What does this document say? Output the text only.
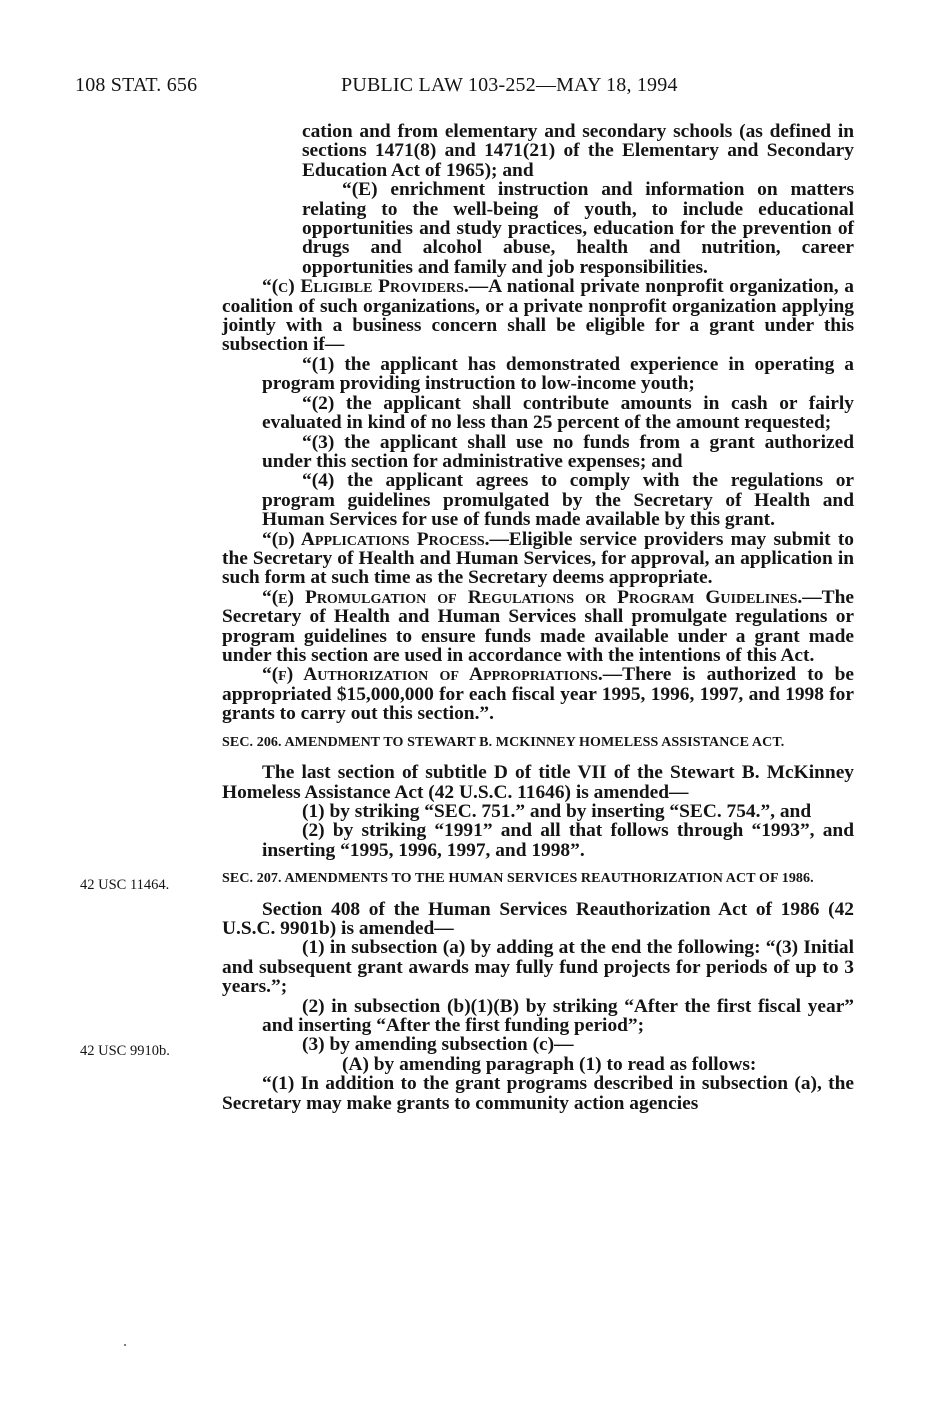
108 STAT. 656	PUBLIC LAW 103-252—MAY 18, 1994
42 USC 11464.
42 USC 9910b.

cation and from elementary and secondary schools (as defined in sections 1471(8) and 1471(21) of the Elementary and Secondary Education Act of 1965); and

“(E) enrichment instruction and information on matters relating to the well-being of youth, to include educational opportunities and study practices, education for the prevention of drugs and alcohol abuse, health and nutrition, career opportunities and family and job responsibilities.

“(c) Eligible Providers.—A national private nonprofit organization, a coalition of such organizations, or a private nonprofit organization applying jointly with a business concern shall be eligible for a grant under this subsection if—

“(1) the applicant has demonstrated experience in operating a program providing instruction to low-income youth;

“(2) the applicant shall contribute amounts in cash or fairly evaluated in kind of no less than 25 percent of the amount requested;

“(3) the applicant shall use no funds from a grant authorized under this section for administrative expenses; and

“(4) the applicant agrees to comply with the regulations or program guidelines promulgated by the Secretary of Health and Human Services for use of funds made available by this grant.

“(d) Applications Process.—Eligible service providers may submit to the Secretary of Health and Human Services, for approval, an application in such form at such time as the Secretary deems appropriate.

“(e) Promulgation of Regulations or Program Guidelines.—The Secretary of Health and Human Services shall promulgate regulations or program guidelines to ensure funds made available under a grant made under this section are used in accordance with the intentions of this Act.

“(f) Authorization of Appropriations.—There is authorized to be appropriated $15,000,000 for each fiscal year 1995, 1996, 1997, and 1998 for grants to carry out this section.”.

SEC. 206. AMENDMENT TO STEWART B. MCKINNEY HOMELESS ASSISTANCE ACT.

The last section of subtitle D of title VII of the Stewart B. McKinney Homeless Assistance Act (42 U.S.C. 11646) is amended—

(1) by striking “SEC. 751.” and by inserting “SEC. 754.”, and

(2) by striking “1991” and all that follows through “1993”, and inserting “1995, 1996, 1997, and 1998”.

SEC. 207. AMENDMENTS TO THE HUMAN SERVICES REAUTHORIZATION ACT OF 1986.

Section 408 of the Human Services Reauthorization Act of 1986 (42 U.S.C. 9901b) is amended—

(1) in subsection (a) by adding at the end the following: “(3) Initial and subsequent grant awards may fully fund projects for periods of up to 3 years.”;

(2) in subsection (b)(1)(B) by striking “After the first fiscal year” and inserting “After the first funding period”;

(3) by amending subsection (c)—

(A) by amending paragraph (1) to read as follows:

“(1) In addition to the grant programs described in subsection (a), the Secretary may make grants to community action agencies
